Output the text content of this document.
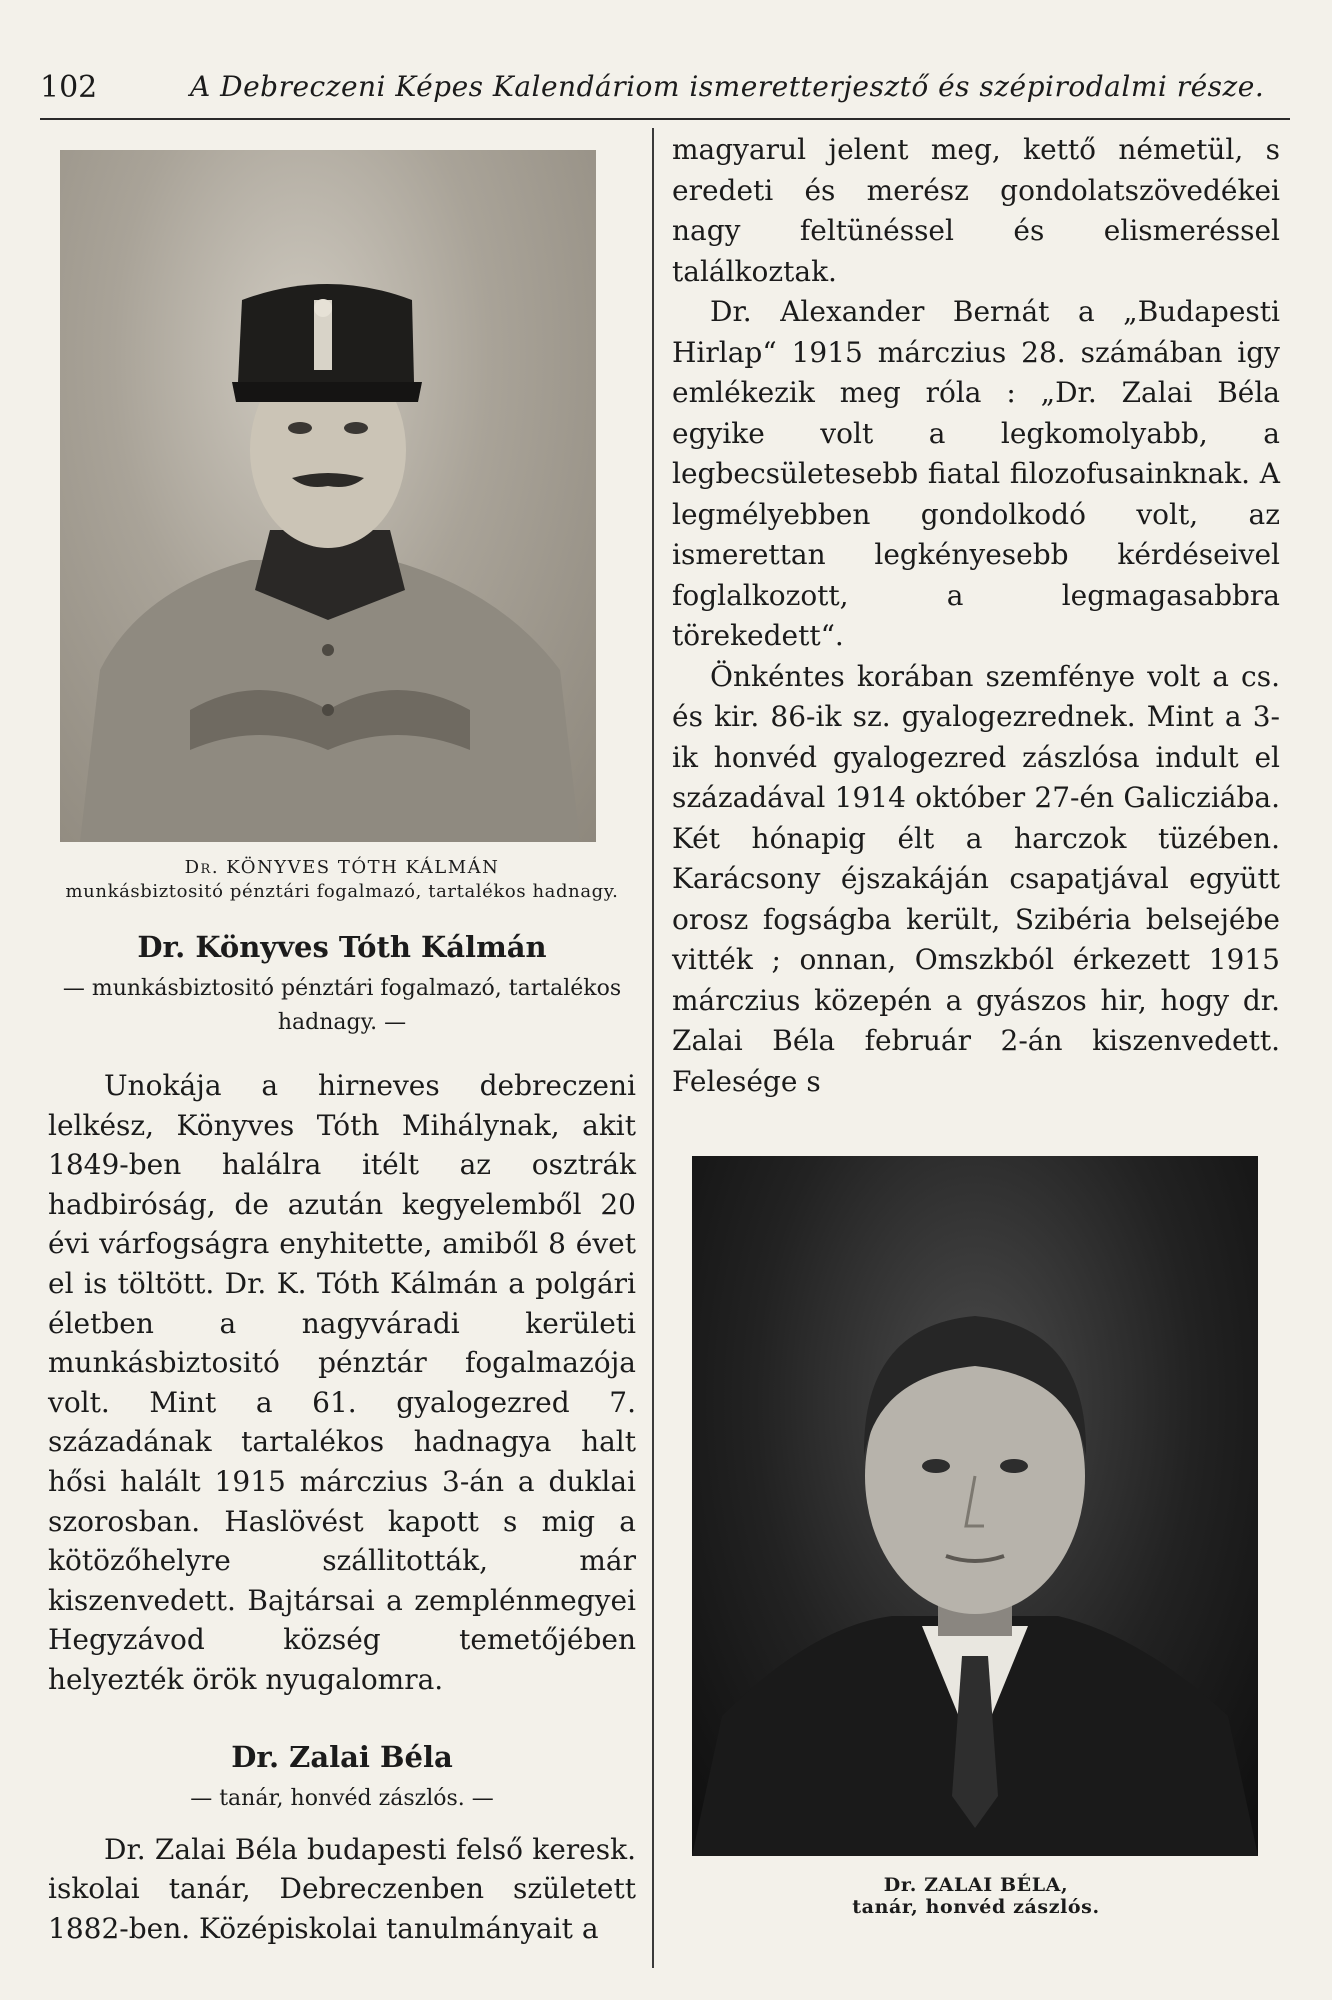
102	A Debreczeni Képes Kalendáriom ismeretterjesztő és szépirodalmi része.
Dr. KÖNYVES TÓTH KÁLMÁN
munkásbiztositó pénztári fogalmazó, tartalékos hadnagy.
Dr. Könyves Tóth Kálmán
— munkásbiztositó pénztári fogalmazó, tartalékos hadnagy. —

Unokája a hirneves debreczeni lelkész, Könyves Tóth Mihálynak, akit 1849-ben halálra itélt az osztrák hadbiróság, de azután kegyelemből 20 évi várfogságra enyhitette, amiből 8 évet el is töltött. Dr. K. Tóth Kálmán a polgári életben a nagyváradi kerületi munkásbiztositó pénztár fogalmazója volt. Mint a 61. gyalogezred 7. századának tartalékos hadnagya halt hősi halált 1915 márczius 3-án a duklai szorosban. Haslövést kapott s mig a kötözőhelyre szállitották, már kiszenvedett. Bajtársai a zemplénmegyei Hegyzávod község temetőjében helyezték örök nyugalomra.

Dr. Zalai Béla
— tanár, honvéd zászlós. —

Dr. Zalai Béla budapesti felső keresk. iskolai tanár, Debreczenben született 1882-ben. Középiskolai tanulmányait a

magyarul jelent meg, kettő németül, s eredeti és merész gondolatszövedékei nagy feltünéssel és elismeréssel találkoztak.

Dr. Alexander Bernát a „Budapesti Hirlap“ 1915 márczius 28. számában igy emlékezik meg róla : „Dr. Zalai Béla egyike volt a legkomolyabb, a legbecsületesebb fiatal filozofusainknak. A legmélyebben gondolkodó volt, az ismerettan legkényesebb kérdéseivel foglalkozott, a legmagasabbra törekedett“.

Önkéntes korában szemfénye volt a cs. és kir. 86-ik sz. gyalogezrednek. Mint a 3-ik honvéd gyalogezred zászlósa indult el századával 1914 október 27-én Galicziába. Két hónapig élt a harczok tüzében. Karácsony éjszakáján csapatjával együtt orosz fogságba került, Szibéria belsejébe vitték ; onnan, Omszkból érkezett 1915 márczius közepén a gyászos hir, hogy dr. Zalai Béla február 2-án kiszenvedett. Felesége s

Dr. ZALAI BÉLA,
tanár, honvéd zászlós.
